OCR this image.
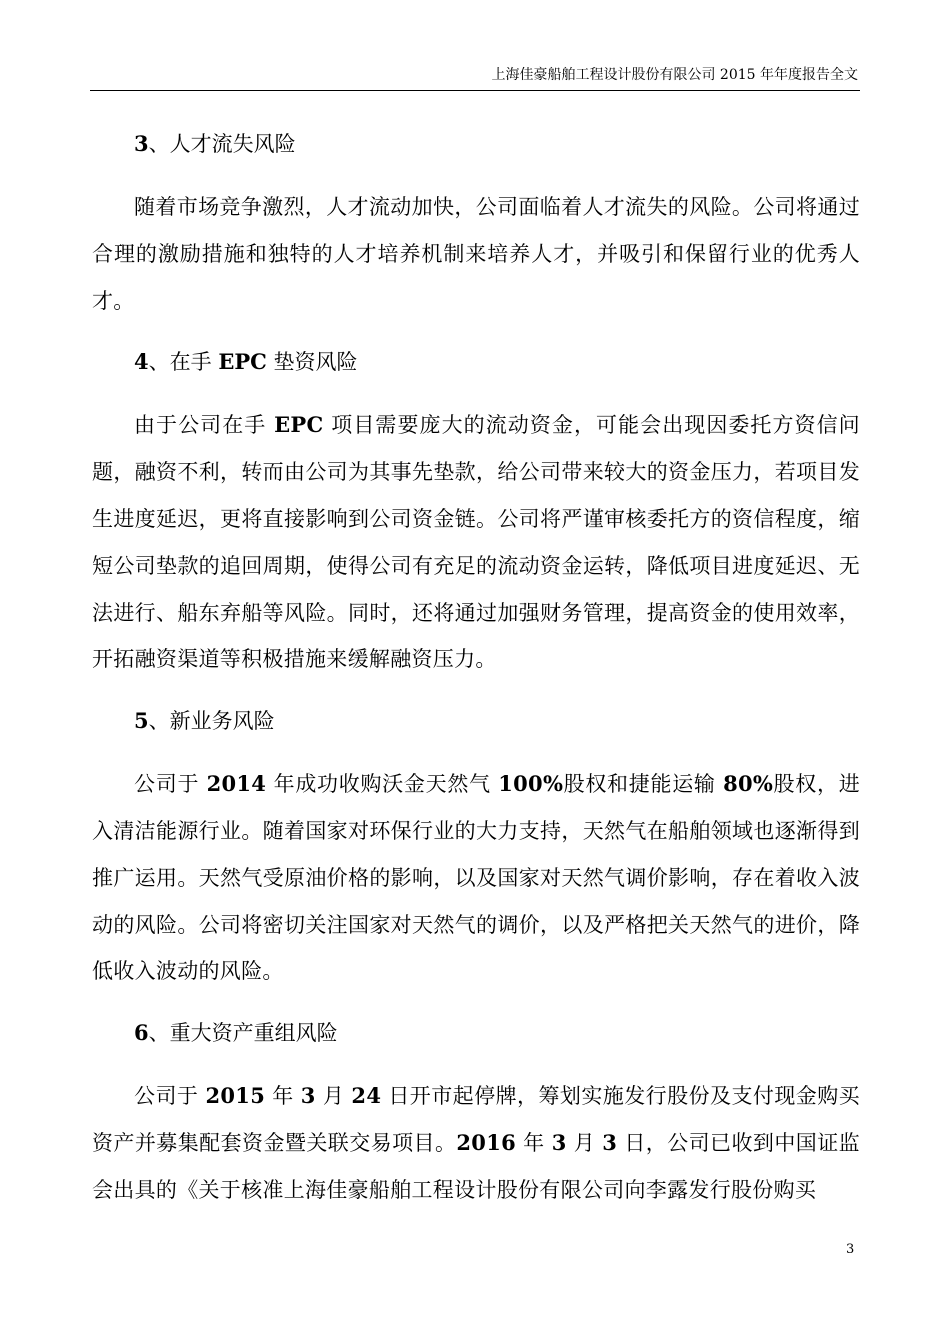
上海佳豪船舶工程设计股份有限公司 2015 年年度报告全文
3、人才流失风险

随着市场竞争激烈，人才流动加快，公司面临着人才流失的风险。公司将通过合理的激励措施和独特的人才培养机制来培养人才，并吸引和保留行业的优秀人才。

4、在手 EPC 垫资风险

由于公司在手 EPC 项目需要庞大的流动资金，可能会出现因委托方资信问题，融资不利，转而由公司为其事先垫款，给公司带来较大的资金压力，若项目发生进度延迟，更将直接影响到公司资金链。公司将严谨审核委托方的资信程度，缩短公司垫款的追回周期，使得公司有充足的流动资金运转，降低项目进度延迟、无法进行、船东弃船等风险。同时，还将通过加强财务管理，提高资金的使用效率，开拓融资渠道等积极措施来缓解融资压力。

5、新业务风险

公司于 2014 年成功收购沃金天然气 100%股权和捷能运输 80%股权，进入清洁能源行业。随着国家对环保行业的大力支持，天然气在船舶领域也逐渐得到推广运用。天然气受原油价格的影响，以及国家对天然气调价影响，存在着收入波动的风险。公司将密切关注国家对天然气的调价，以及严格把关天然气的进价，降低收入波动的风险。

6、重大资产重组风险

公司于 2015 年 3 月 24 日开市起停牌，筹划实施发行股份及支付现金购买资产并募集配套资金暨关联交易项目。2016 年 3 月 3 日，公司已收到中国证监会出具的《关于核准上海佳豪船舶工程设计股份有限公司向李露发行股份购买

3
